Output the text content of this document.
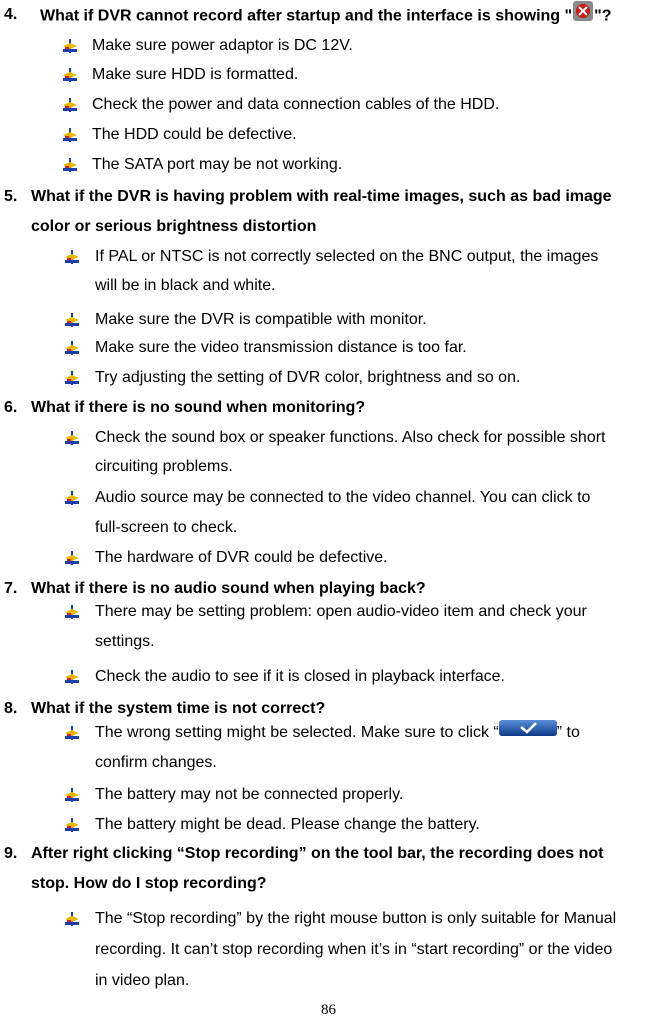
4. What if DVR cannot record after startup and the interface is showing " "?
Make sure power adaptor is DC 12V.
Make sure HDD is formatted.
Check the power and data connection cables of the HDD.
The HDD could be defective.
The SATA port may be not working.
5. What if the DVR is having problem with real-time images, such as bad image
color or serious brightness distortion
If PAL or NTSC is not correctly selected on the BNC output, the images
will be in black and white.
Make sure the DVR is compatible with monitor.
Make sure the video transmission distance is too far.
Try adjusting the setting of DVR color, brightness and so on.
6. What if there is no sound when monitoring?
Check the sound box or speaker functions. Also check for possible short
circuiting problems.
Audio source may be connected to the video channel. You can click to
full-screen to check.
The hardware of DVR could be defective.
7. What if there is no audio sound when playing back?
There may be setting problem: open audio-video item and check your
settings.
Check the audio to see if it is closed in playback interface.
8. What if the system time is not correct?
The wrong setting might be selected. Make sure to click “	” to
confirm changes.
The battery may not be connected properly.
The battery might be dead. Please change the battery.
9. After right clicking “Stop recording” on the tool bar, the recording does not
stop. How do I stop recording?
The “Stop recording” by the right mouse button is only suitable for Manual
recording. It can’t stop recording when it’s in “start recording” or the video
in video plan.
86
